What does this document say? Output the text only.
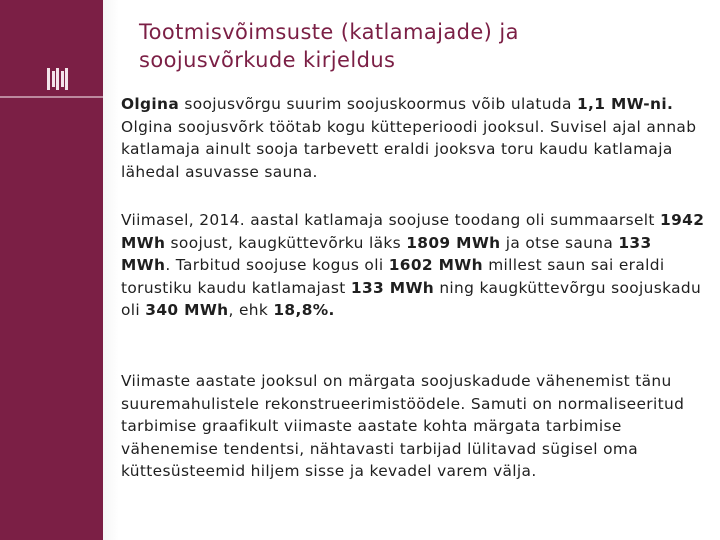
Tootmisvõimsuste (katlamajade) ja
soojusvõrkude kirjeldus

Olgina soojusvõrgu suurim soojuskoormus võib ulatuda 1,1 MW-ni. Olgina soojusvõrk töötab kogu kütteperioodi jooksul. Suvisel ajal annab katlamaja ainult sooja tarbevett eraldi jooksva toru kaudu katlamaja lähedal asuvasse sauna.

Viimasel, 2014. aastal katlamaja soojuse toodang oli summaarselt 1942 MWh soojust, kaugküttevõrku läks 1809 MWh ja otse sauna 133 MWh. Tarbitud soojuse kogus oli 1602 MWh millest saun sai eraldi torustiku kaudu katlamajast 133 MWh ning kaugküttevõrgu soojuskadu oli 340 MWh, ehk 18,8%.

Viimaste aastate jooksul on märgata soojuskadude vähenemist tänu suuremahulistele rekonstrueerimistöödele. Samuti on normaliseeritud tarbimise graafikult viimaste aastate kohta märgata tarbimise vähenemise tendentsi, nähtavasti tarbijad lülitavad sügisel oma küttesüsteemid hiljem sisse ja kevadel varem välja.
